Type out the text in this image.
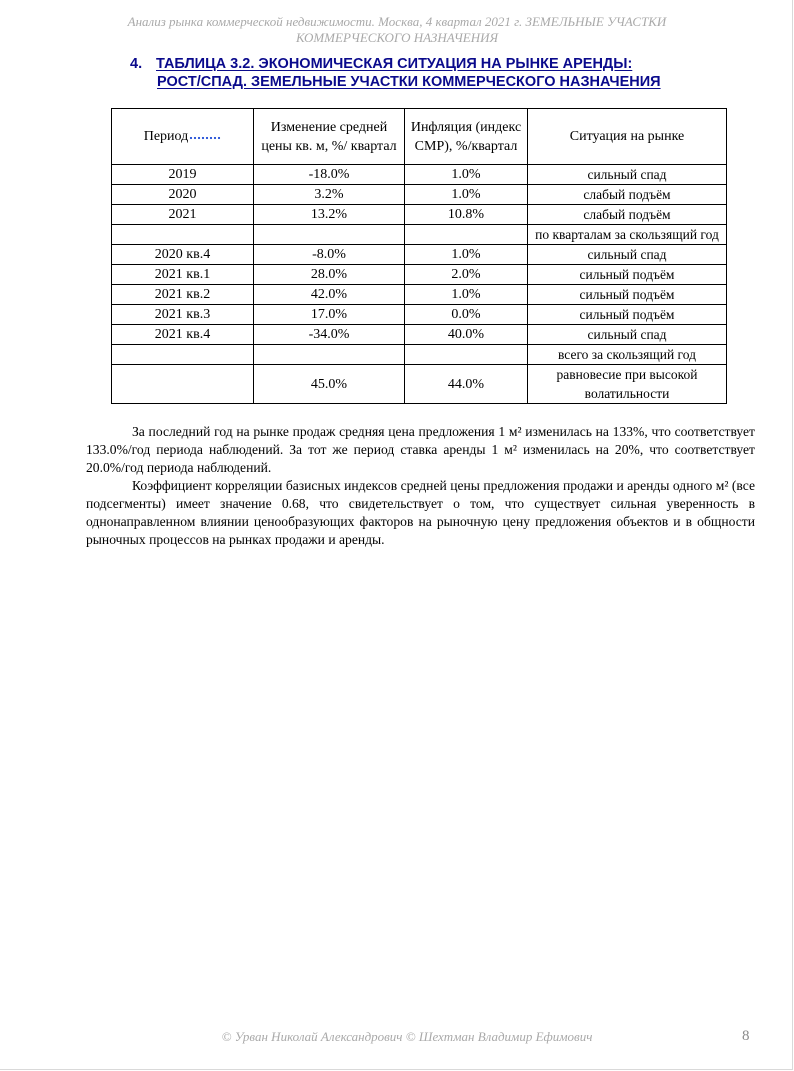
Анализ рынка коммерческой недвижимости. Москва, 4 квартал 2021 г. ЗЕМЕЛЬНЫЕ УЧАСТКИ
КОММЕРЧЕСКОГО НАЗНАЧЕНИЯ
4. ТАБЛИЦА 3.2. ЭКОНОМИЧЕСКАЯ СИТУАЦИЯ НА РЫНКЕ АРЕНДЫ:
РОСТ/СПАД. ЗЕМЕЛЬНЫЕ УЧАСТКИ КОММЕРЧЕСКОГО НАЗНАЧЕНИЯ
Период	Изменение средней цены кв. м, %/ квартал	Инфляция (индекс СМР), %/квартал	Ситуация на рынке
2019	-18.0%	1.0%	сильный спад
2020	3.2%	1.0%	слабый подъём
2021	13.2%	10.8%	слабый подъём
			по кварталам за скользящий год
2020 кв.4	-8.0%	1.0%	сильный спад
2021 кв.1	28.0%	2.0%	сильный подъём
2021 кв.2	42.0%	1.0%	сильный подъём
2021 кв.3	17.0%	0.0%	сильный подъём
2021 кв.4	-34.0%	40.0%	сильный спад
			всего за скользящий год
	45.0%	44.0%	равновесие при высокой волатильности

За последний год на рынке продаж средняя цена предложения 1 м² изменилась на 133%, что соответствует 133.0%/год периода наблюдений. За тот же период ставка аренды 1 м² изменилась на 20%, что соответствует 20.0%/год периода наблюдений.

Коэффициент корреляции базисных индексов средней цены предложения продажи и аренды одного м² (все подсегменты) имеет значение 0.68, что свидетельствует о том, что существует сильная уверенность в однонаправленном влиянии ценообразующих факторов на рыночную цену предложения объектов и в общности рыночных процессов на рынках продажи и аренды.

© Урван Николай Александрович © Шехтман Владимир Ефимович	8
